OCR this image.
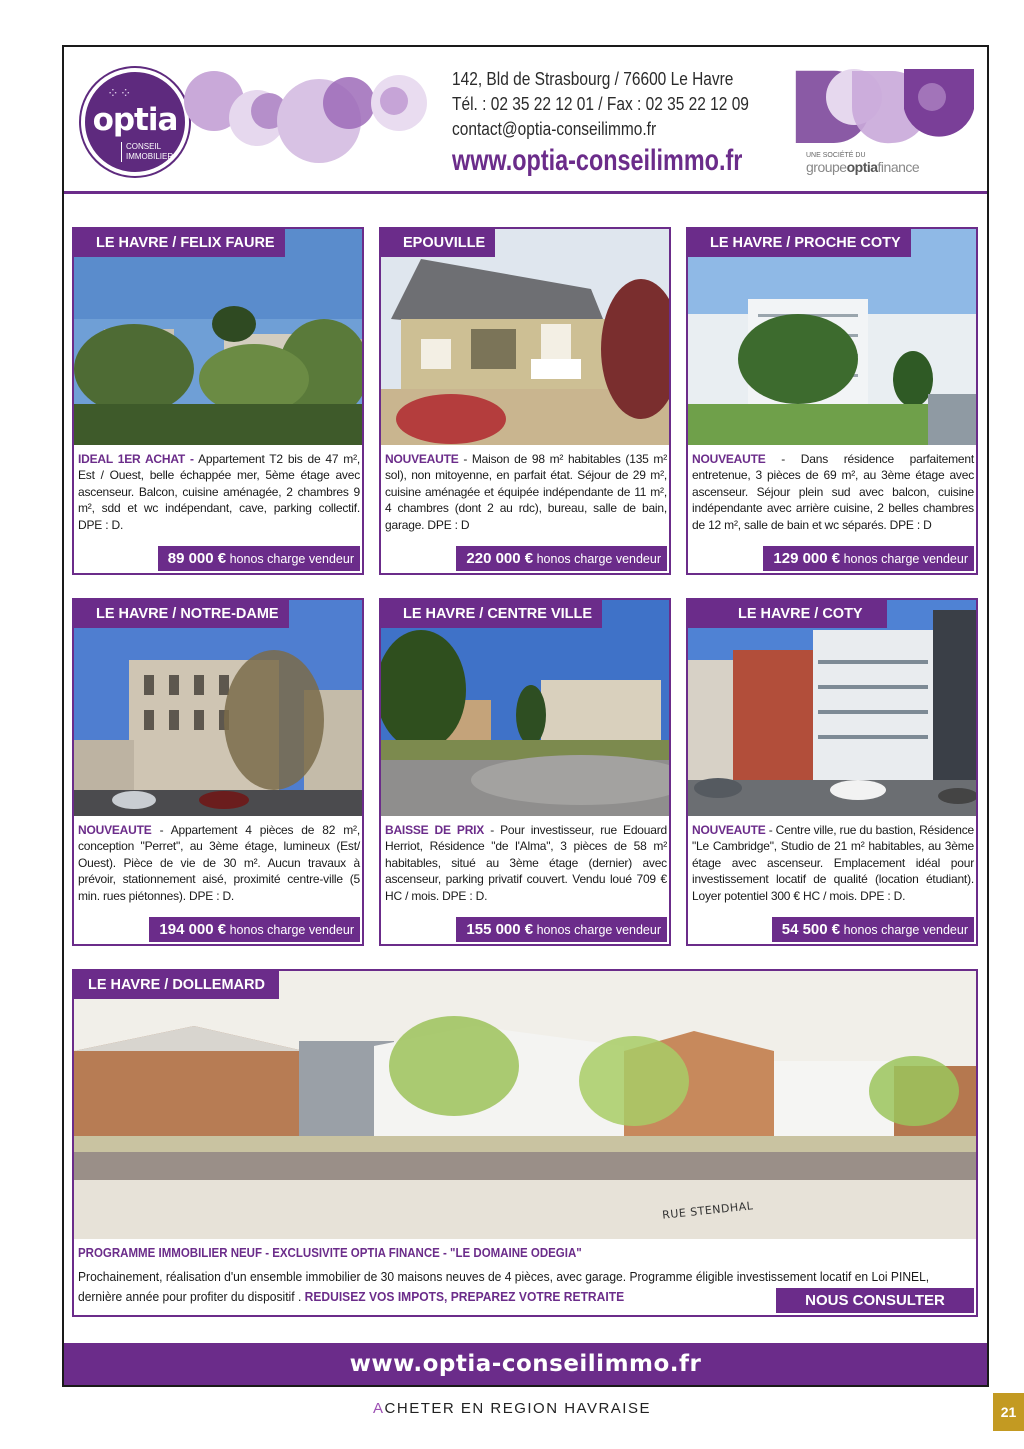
⁘⁘
optia
CONSEIL
IMMOBILIER
142, Bld de Strasbourg / 76600 Le Havre
Tél. : 02 35 22 12 01 / Fax : 02 35 22 12 09
contact@optia-conseilimmo.fr
www.optia-conseilimmo.fr	UNE SOCIÉTÉ DU
groupeoptiafinance
LE HAVRE / FELIX FAURE
IDEAL 1ER ACHAT - Appartement T2 bis de 47 m², Est / Ouest, belle échappée mer, 5ème étage avec ascenseur. Balcon, cuisine aménagée, 2 chambres 9 m², sdd et wc indépendant, cave, parking collectif. DPE : D.
89 000 € honos charge vendeur
EPOUVILLE
NOUVEAUTE - Maison de 98 m² habitables (135 m² sol), non mitoyenne, en parfait état. Séjour de 29 m², cuisine aménagée et équipée indépendante de 11 m², 4 chambres (dont 2 au rdc), bureau, salle de bain, garage. DPE : D
220 000 € honos charge vendeur
LE HAVRE / PROCHE COTY
NOUVEAUTE - Dans résidence parfaitement entretenue, 3 pièces de 69 m², au 3ème étage avec ascenseur. Séjour plein sud avec balcon, cuisine indépendante avec arrière cuisine, 2 belles chambres de 12 m², salle de bain et wc séparés. DPE : D
129 000 € honos charge vendeur
LE HAVRE / NOTRE-DAME
NOUVEAUTE - Appartement 4 pièces de 82 m², conception "Perret", au 3ème étage, lumineux (Est/ Ouest). Pièce de vie de 30 m². Aucun travaux à prévoir, stationnement aisé, proximité centre-ville (5 min. rues piétonnes). DPE : D.
194 000 € honos charge vendeur
LE HAVRE / CENTRE VILLE
BAISSE DE PRIX - Pour investisseur, rue Edouard Herriot, Résidence "de l'Alma", 3 pièces de 58 m² habitables, situé au 3ème étage (dernier) avec ascenseur, parking privatif couvert. Vendu loué 709 € HC / mois. DPE : D.
155 000 € honos charge vendeur
LE HAVRE / COTY
NOUVEAUTE - Centre ville, rue du bastion, Résidence "Le Cambridge", Studio de 21 m² habitables, au 3ème étage avec ascenseur. Emplacement idéal pour investissement locatif de qualité (location étudiant). Loyer potentiel 300 € HC / mois. DPE : D.
54 500 € honos charge vendeur
LE HAVRE / DOLLEMARD
RUE STENDHAL
PROGRAMME IMMOBILIER NEUF - EXCLUSIVITE OPTIA FINANCE - "LE DOMAINE ODEGIA"
Prochainement, réalisation d'un ensemble immobilier de 30 maisons neuves de 4 pièces, avec garage. Programme éligible investissement locatif en Loi PINEL, dernière année pour profiter du dispositif . REDUISEZ VOS IMPOTS, PREPAREZ VOTRE RETRAITE	NOUS CONSULTER
www.optia-conseilimmo.fr
ACHETER EN REGION HAVRAISE	21
